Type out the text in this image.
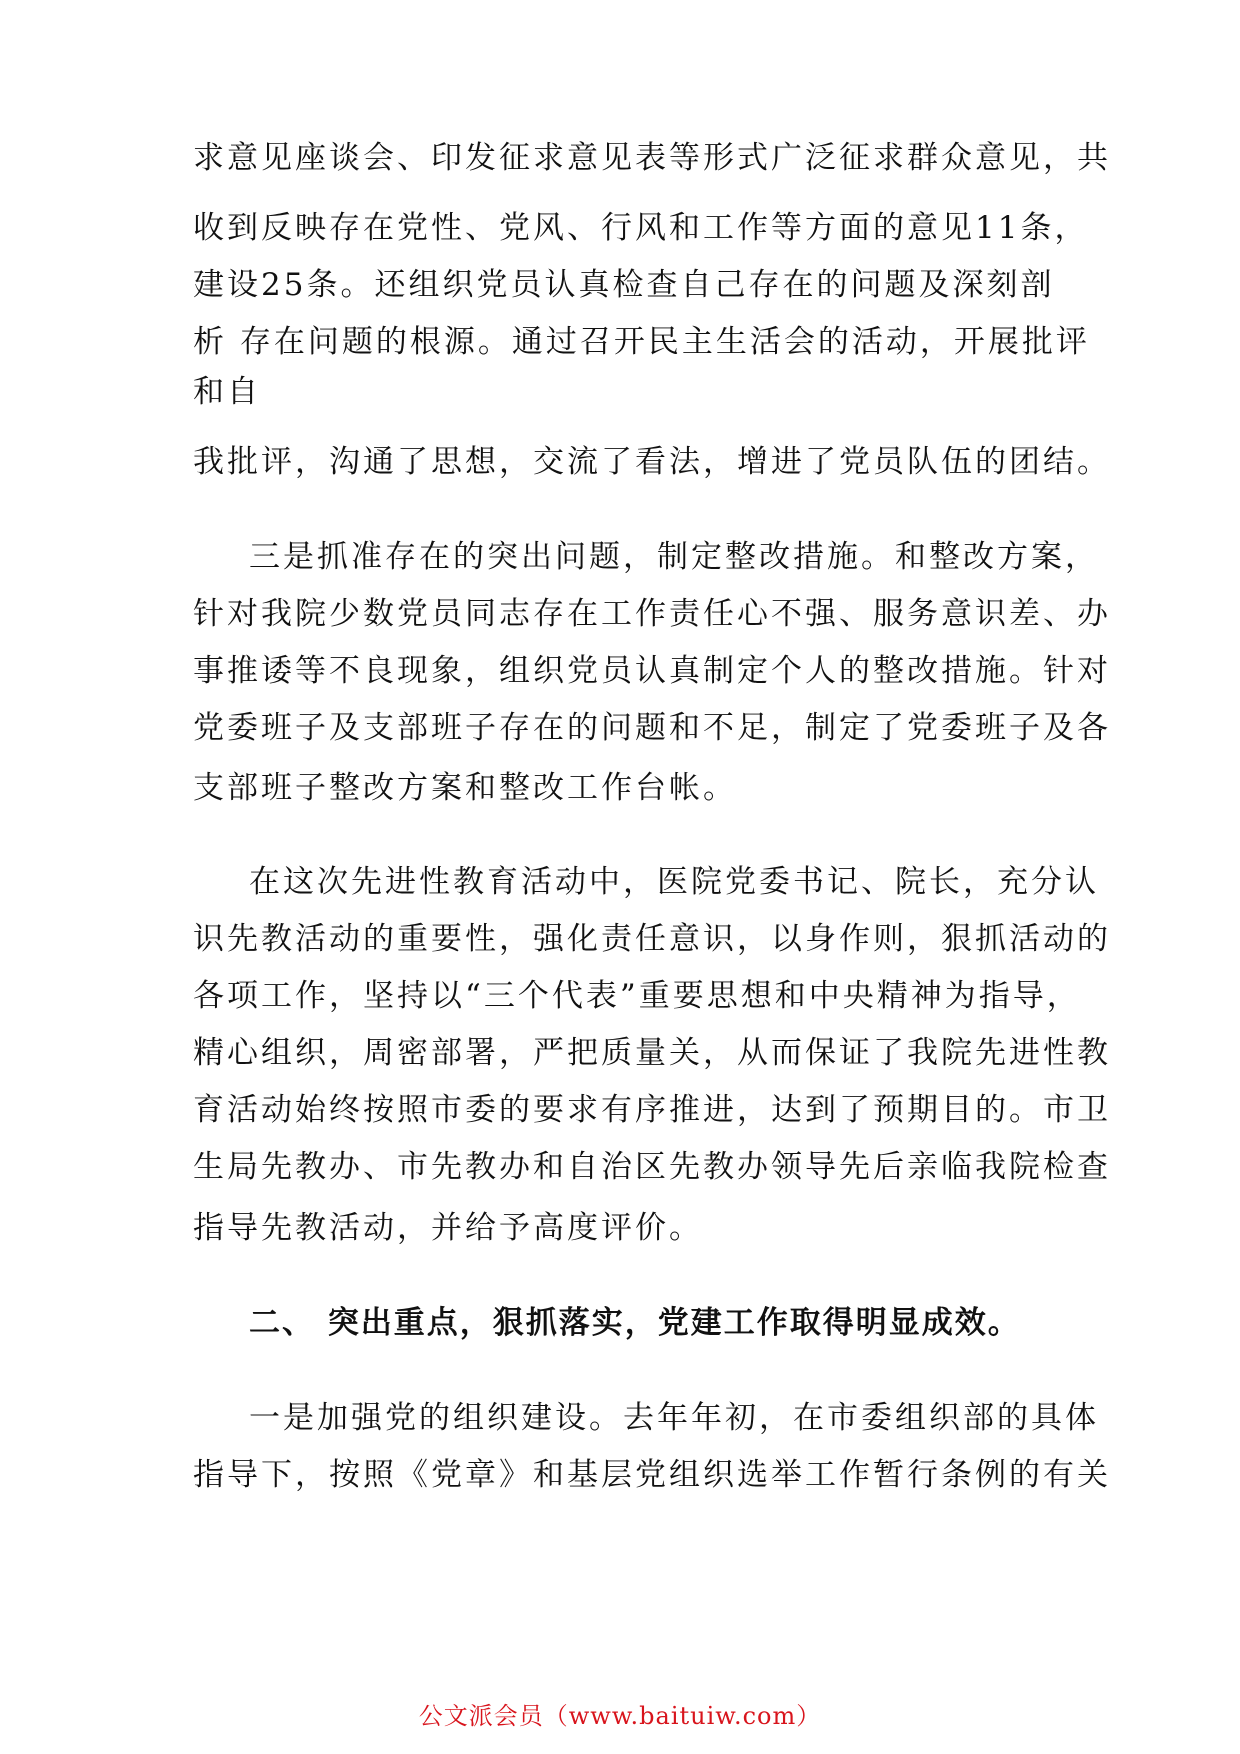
求意见座谈会、印发征求意见表等形式广泛征求群众意见，共
收到反映存在党性、党风、行风和工作等方面的意见11条，
建设25条。还组织党员认真检查自己存在的问题及深刻剖
析 存在问题的根源。通过召开民主生活会的活动，开展批评
和自
我批评，沟通了思想，交流了看法，增进了党员队伍的团结。
三是抓准存在的突出问题，制定整改措施。和整改方案，
针对我院少数党员同志存在工作责任心不强、服务意识差、办
事推诿等不良现象，组织党员认真制定个人的整改措施。针对
党委班子及支部班子存在的问题和不足，制定了党委班子及各
支部班子整改方案和整改工作台帐。
在这次先进性教育活动中，医院党委书记、院长，充分认
识先教活动的重要性，强化责任意识，以身作则，狠抓活动的
各项工作，坚持以“三个代表”重要思想和中央精神为指导，
精心组织，周密部署，严把质量关，从而保证了我院先进性教
育活动始终按照市委的要求有序推进，达到了预期目的。市卫
生局先教办、市先教办和自治区先教办领导先后亲临我院检查
指导先教活动，并给予高度评价。
二、 突出重点，狠抓落实，党建工作取得明显成效。
一是加强党的组织建设。去年年初，在市委组织部的具体
指导下，按照《党章》和基层党组织选举工作暂行条例的有关
公文派会员（www.baituiw.com）
